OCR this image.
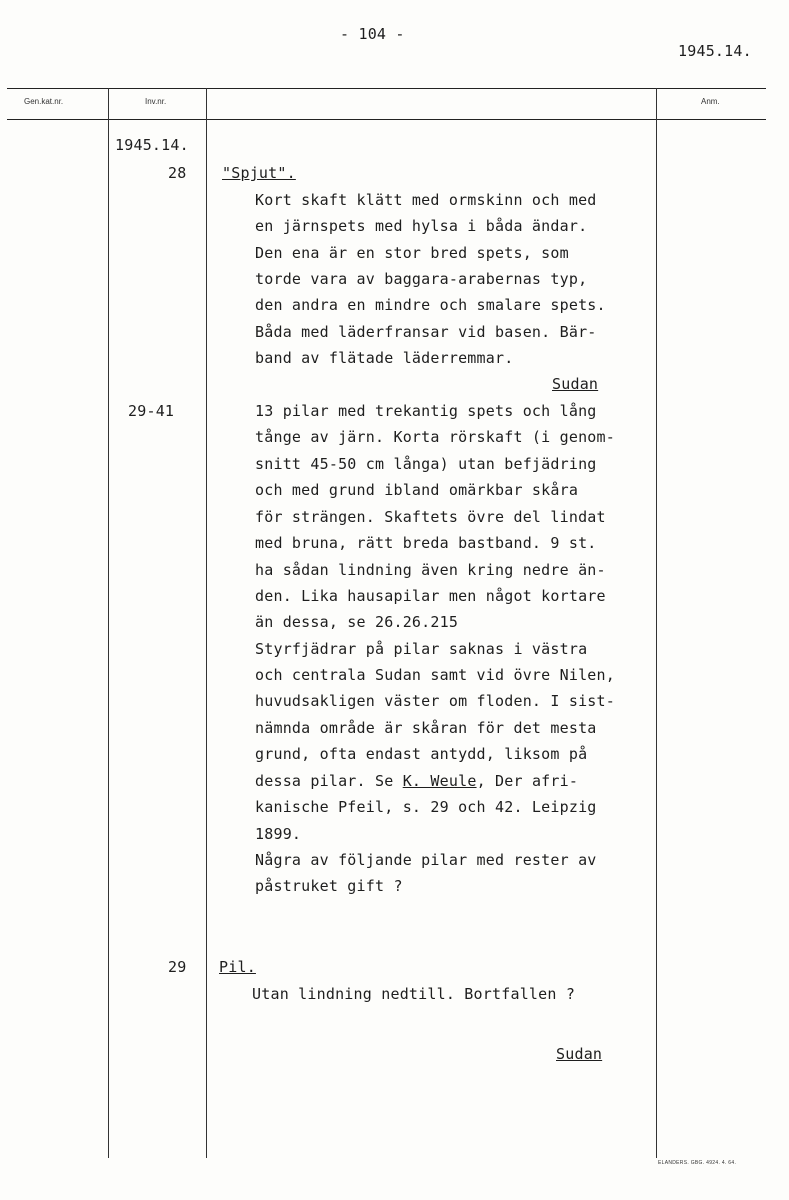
- 104 -
1945.14.
Gen.kat.nr.	Inv.nr.	Anm.
1945.14.
28 "Spjut".
Kort skaft klätt med ormskinn och med
en järnspets med hylsa i båda ändar.
Den ena är en stor bred spets, som
torde vara av baggara-arabernas typ,
den andra en mindre och smalare spets.
Båda med läderfransar vid basen. Bär-
band av flätade läderremmar.
Sudan
29-41	13 pilar med trekantig spets och lång
tånge av järn. Korta rörskaft (i genom-
snitt 45-50 cm långa) utan befjädring
och med grund ibland omärkbar skåra
för strängen. Skaftets övre del lindat
med bruna, rätt breda bastband. 9 st.
ha sådan lindning även kring nedre än-
den. Lika hausapilar men något kortare
än dessa, se 26.26.215
Styrfjädrar på pilar saknas i västra
och centrala Sudan samt vid övre Nilen,
huvudsakligen väster om floden. I sist-
nämnda område är skåran för det mesta
grund, ofta endast antydd, liksom på
dessa pilar. Se K. Weule, Der afri-
kanische Pfeil, s. 29 och 42. Leipzig
1899.
Några av följande pilar med rester av
påstruket gift ?
29 Pil.
Utan lindning nedtill. Bortfallen ?
Sudan
ELANDERS. GBG. 4924. 4. 64.
